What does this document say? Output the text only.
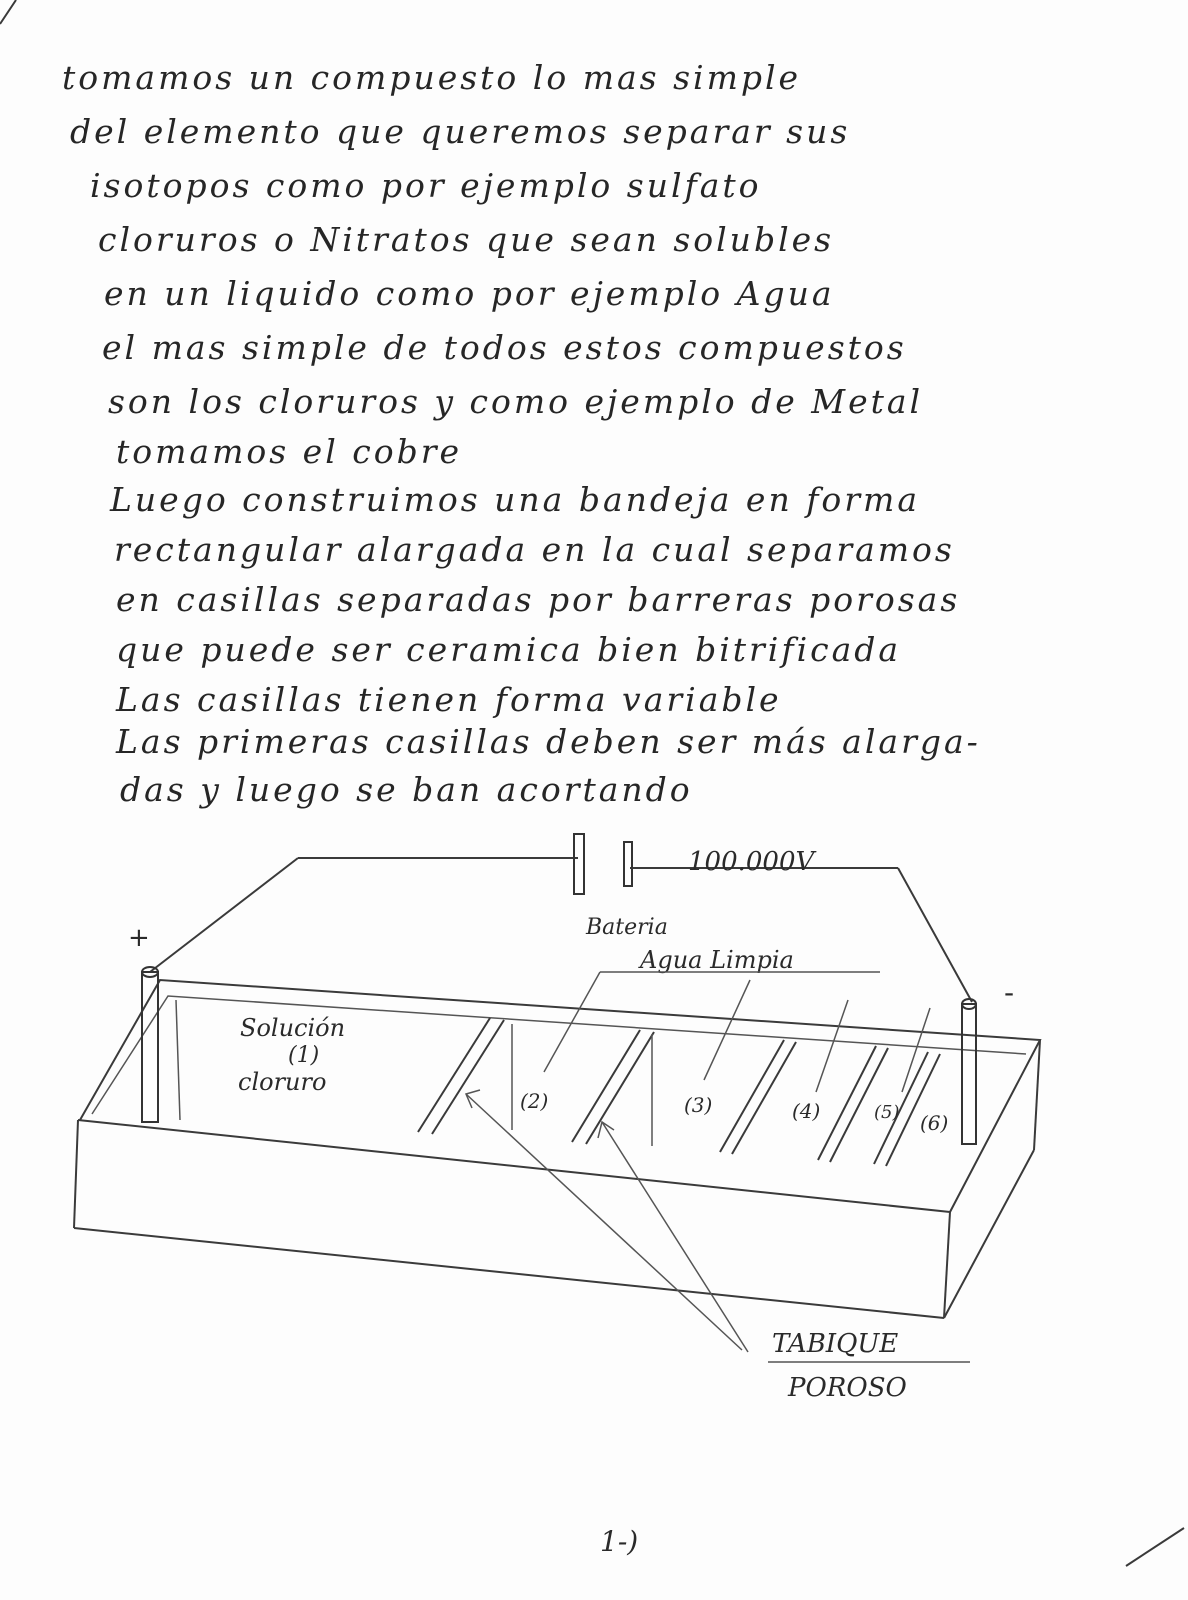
tomamos un compuesto lo mas simple
del elemento que queremos separar sus
isotopos como por ejemplo sulfato
cloruros o Nitratos que sean solubles
en un liquido como por ejemplo Agua
el mas simple de todos estos compuestos
son los cloruros y como ejemplo de Metal
tomamos el cobre
Luego construimos una bandeja en forma
rectangular alargada en la cual separamos
en casillas separadas por barreras porosas
que puede ser ceramica bien bitrificada
Las casillas tienen forma variable
Las primeras casillas deben ser más alarga-
das y luego se ban acortando
100.000V
Bateria
+
-
Agua Limpia
Solución
(1)
cloruro
(2)	(3)	(4)	(5) (6)
TABIQUE
POROSO
1-)
